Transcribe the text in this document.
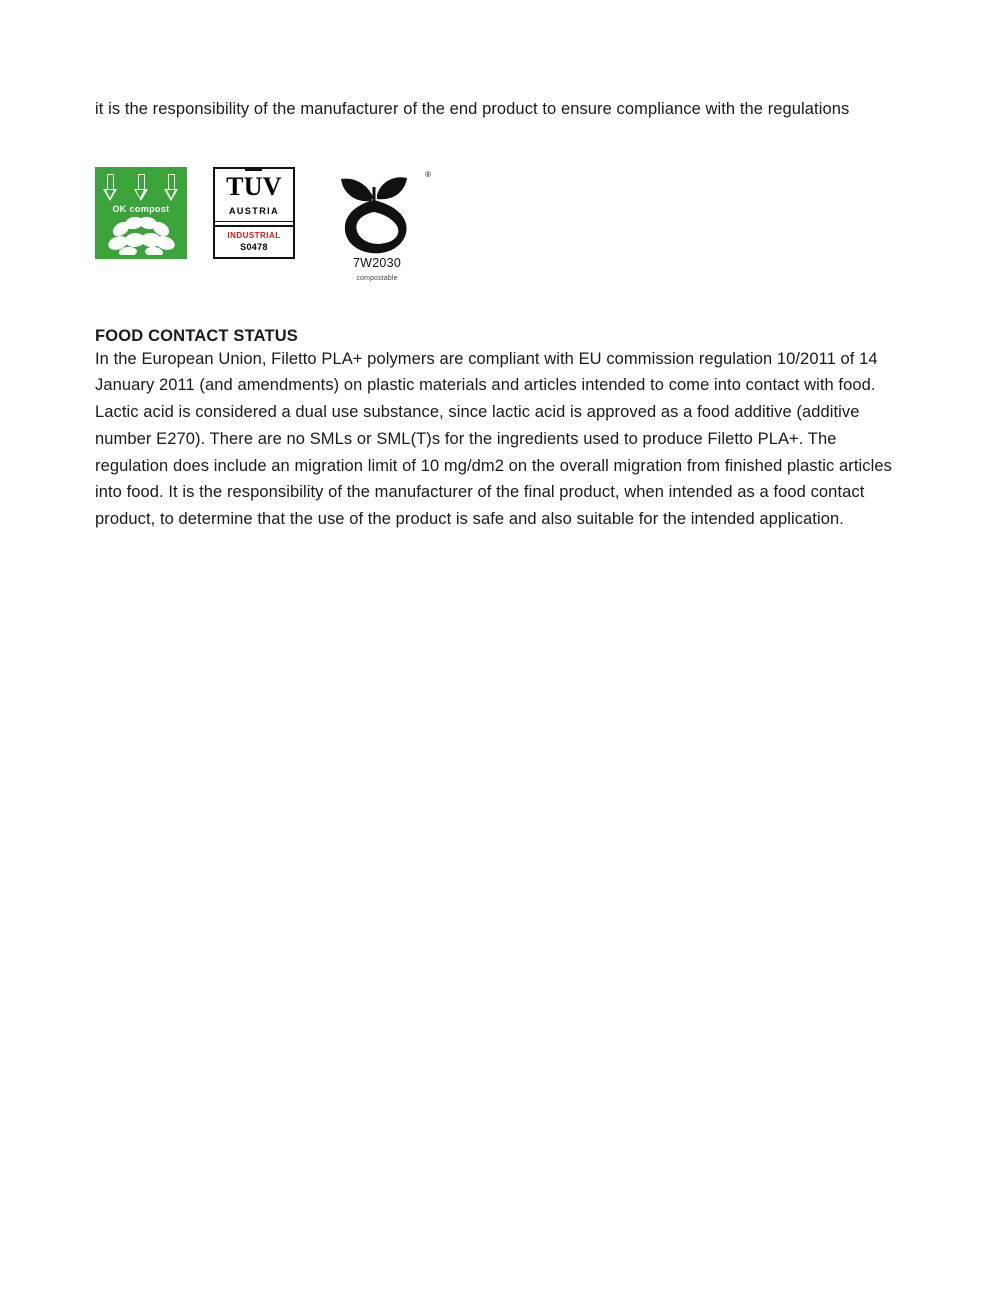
it is the responsibility of the manufacturer of the end product to ensure compliance with the regulations

OK compost
TUV
AUSTRIA
INDUSTRIAL
S0478
®
7W2030
compostable
FOOD CONTACT STATUS

In the European Union, Filetto PLA+ polymers are compliant with EU commission regulation 10/2011 of 14 January 2011 (and amendments) on plastic materials and articles intended to come into contact with food. Lactic acid is considered a dual use substance, since lactic acid is approved as a food additive (additive number E270). There are no SMLs or SML(T)s for the ingredients used to produce Filetto PLA+. The regulation does include an migration limit of 10 mg/dm2 on the overall migration from finished plastic articles into food. It is the responsibility of the manufacturer of the final product, when intended as a food contact product, to determine that the use of the product is safe and also suitable for the intended application.
